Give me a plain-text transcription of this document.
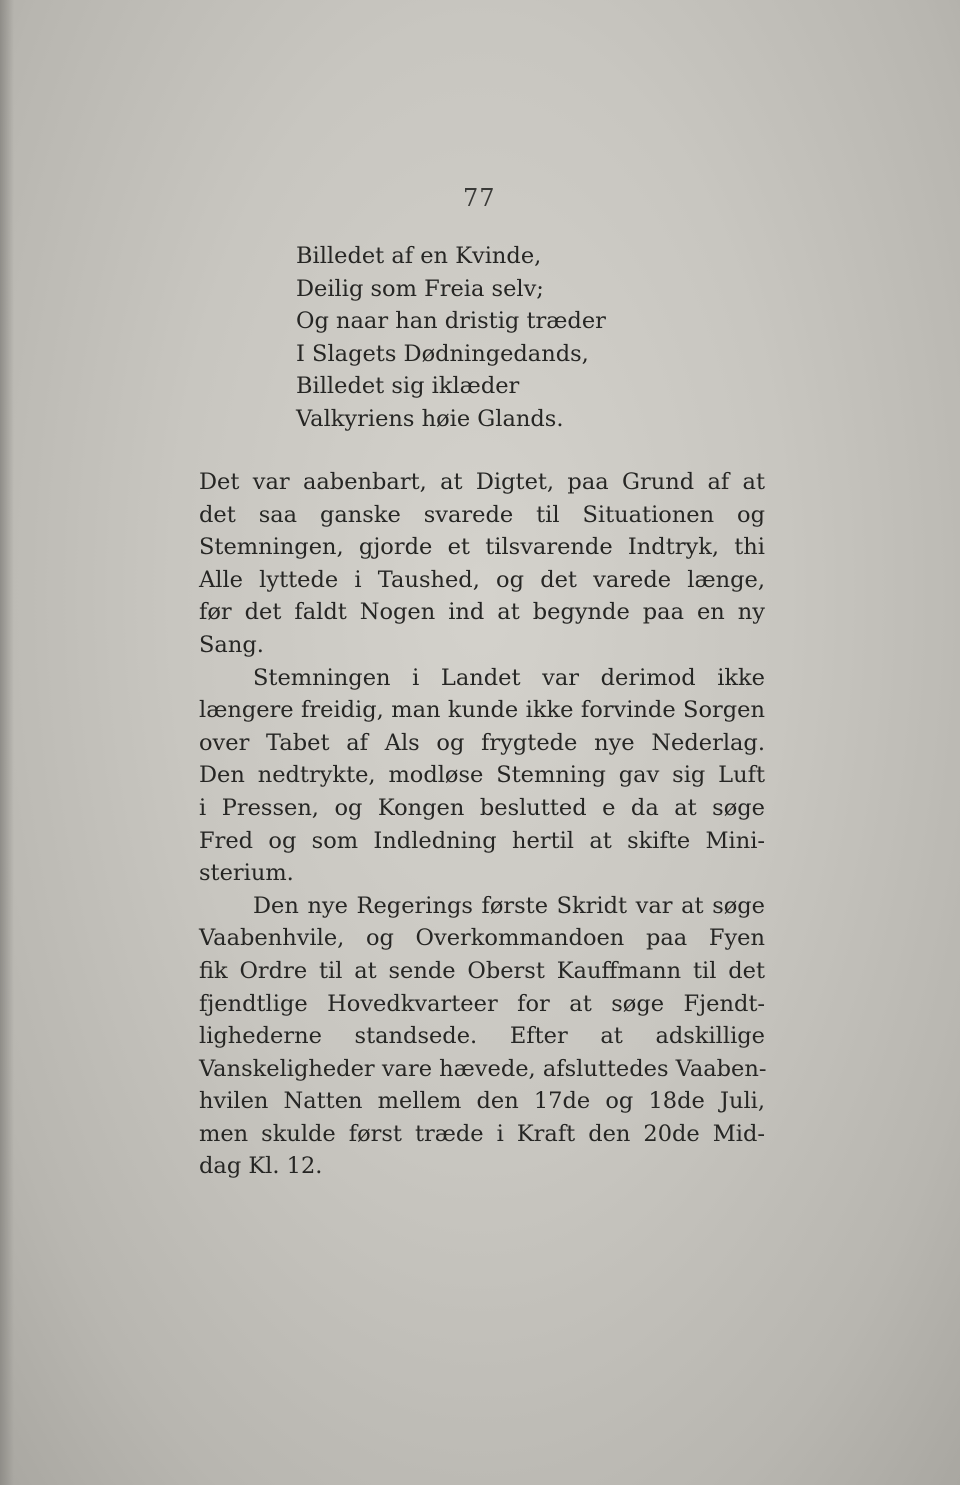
77
Billedet af en Kvinde,
Deilig som Freia selv;
Og naar han dristig træder
I Slagets Dødningedands,
Billedet sig iklæder
Valkyriens høie Glands.
Det var aabenbart, at Digtet, paa Grund af at
det saa ganske svarede til Situationen og
Stemningen, gjorde et tilsvarende Indtryk, thi
Alle lyttede i Taushed, og det varede længe,
før det faldt Nogen ind at begynde paa en ny
Sang.
Stemningen i Landet var derimod ikke
længere freidig, man kunde ikke forvinde Sorgen
over Tabet af Als og frygtede nye Nederlag.
Den nedtrykte, modløse Stemning gav sig Luft
i Pressen, og Kongen beslutted e da at søge
Fred og som Indledning hertil at skifte Mini-
sterium.
Den nye Regerings første Skridt var at søge
Vaabenhvile, og Overkommandoen paa Fyen
fik Ordre til at sende Oberst Kauffmann til det
fjendtlige Hovedkvarteer for at søge Fjendt-
lighederne standsede. Efter at adskillige
Vanskeligheder vare hævede, afsluttedes Vaaben-
hvilen Natten mellem den 17de og 18de Juli,
men skulde først træde i Kraft den 20de Mid-
dag Kl. 12.
